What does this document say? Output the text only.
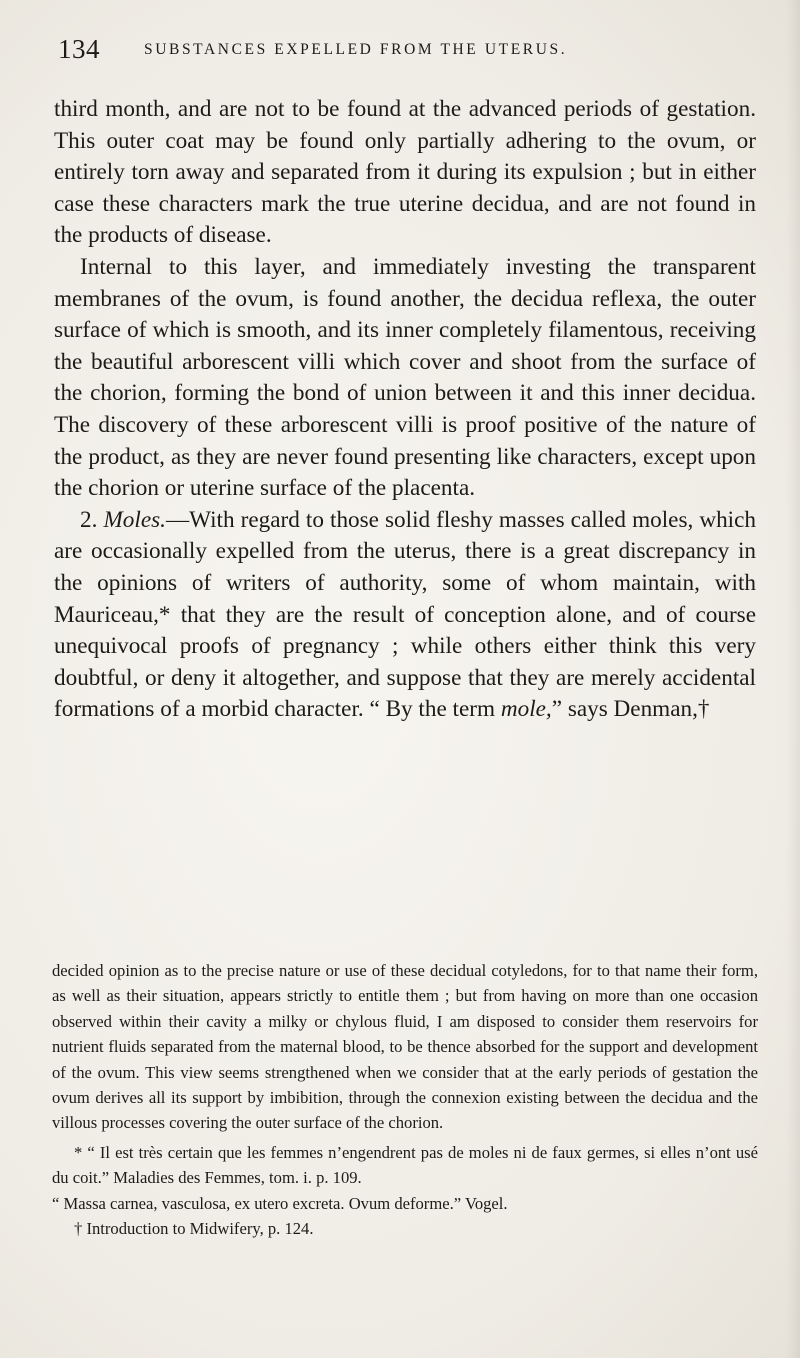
134	SUBSTANCES EXPELLED FROM THE UTERUS.

third month, and are not to be found at the advanced periods of gestation. This outer coat may be found only partially adhering to the ovum, or entirely torn away and separated from it during its expulsion ; but in either case these characters mark the true uterine decidua, and are not found in the products of disease.

Internal to this layer, and immediately investing the transparent membranes of the ovum, is found another, the decidua reflexa, the outer surface of which is smooth, and its inner completely filamentous, receiving the beautiful arborescent villi which cover and shoot from the surface of the chorion, forming the bond of union between it and this inner decidua. The discovery of these arborescent villi is proof positive of the nature of the product, as they are never found presenting like characters, except upon the chorion or uterine surface of the placenta.

2. Moles.—With regard to those solid fleshy masses called moles, which are occasionally expelled from the uterus, there is a great discrepancy in the opinions of writers of authority, some of whom maintain, with Mauriceau,* that they are the result of conception alone, and of course unequivocal proofs of pregnancy ; while others either think this very doubtful, or deny it altogether, and suppose that they are merely accidental formations of a morbid character. “ By the term mole,” says Denman,†

decided opinion as to the precise nature or use of these decidual cotyledons, for to that name their form, as well as their situation, appears strictly to entitle them ; but from having on more than one occasion observed within their cavity a milky or chylous fluid, I am disposed to consider them reservoirs for nutrient fluids separated from the maternal blood, to be thence absorbed for the support and development of the ovum. This view seems strengthened when we consider that at the early periods of gestation the ovum derives all its support by imbibition, through the connexion existing between the decidua and the villous processes covering the outer surface of the chorion.

* “ Il est très certain que les femmes n’engendrent pas de moles ni de faux germes, si elles n’ont usé du coit.” Maladies des Femmes, tom. i. p. 109.

“ Massa carnea, vasculosa, ex utero excreta. Ovum deforme.” Vogel.

† Introduction to Midwifery, p. 124.
